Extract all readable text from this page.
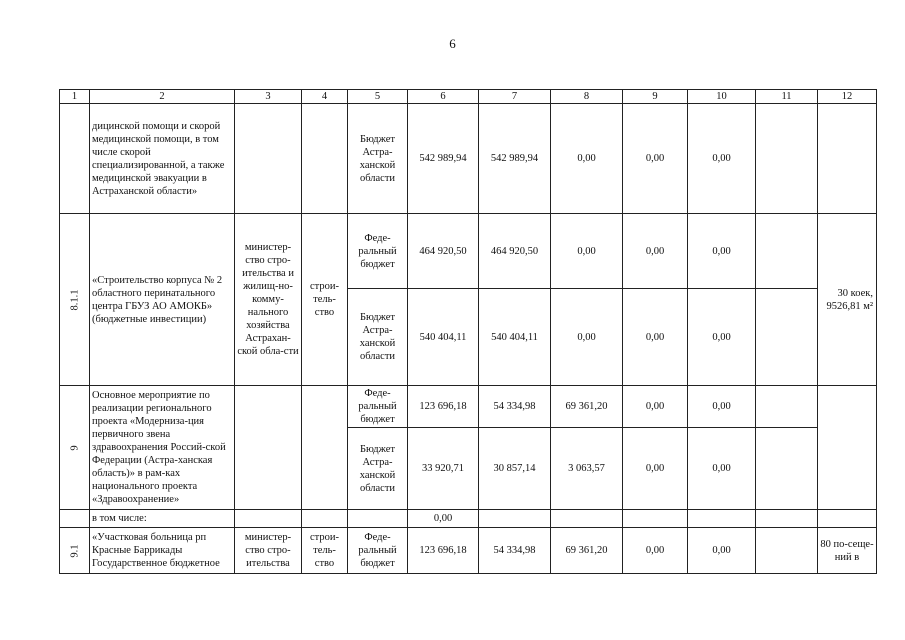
6
1	2	3	4	5	6	7	8	9	10	11	12
	дицинской помощи и скорой медицинской помощи, в том числе скорой специализированной, а также медицинской эвакуации в Астраханской области»			Бюджет Астра-ханской области	542 989,94	542 989,94	0,00	0,00	0,00		

8.1.1	«Строительство корпуса № 2 областного перинатального центра ГБУЗ АО АМОКБ» (бюджетные инвестиции)	министер-ство стро-ительства и жилищ-но-комму-нального хозяйства Астрахан-ской обла-сти	строи-тель-ство	Феде-ральный бюджет	464 920,50	464 920,50	0,00	0,00	0,00		30 коек, 9526,81 м²

				Бюджет Астра-ханской области	540 404,11	540 404,11	0,00	0,00	0,00		

9	Основное мероприятие по реализации регионального проекта «Модерниза-ция первичного звена здравоохранения Россий-ской Федерации (Астра-ханская область)» в рам-ках национального проекта «Здравоохранение»			Феде-ральный бюджет	123 696,18	54 334,98	69 361,20	0,00	0,00		
				Бюджет Астра-ханской области	33 920,71	30 857,14	3 063,57	0,00	0,00		
	в том числе:				0,00						

9.1	«Участковая больница рп Красные Баррикады Государственное бюджетное	министер-ство стро-ительства	строи-тель-ство	Феде-ральный бюджет	123 696,18	54 334,98	69 361,20	0,00	0,00		80 по-сеще-ний в
